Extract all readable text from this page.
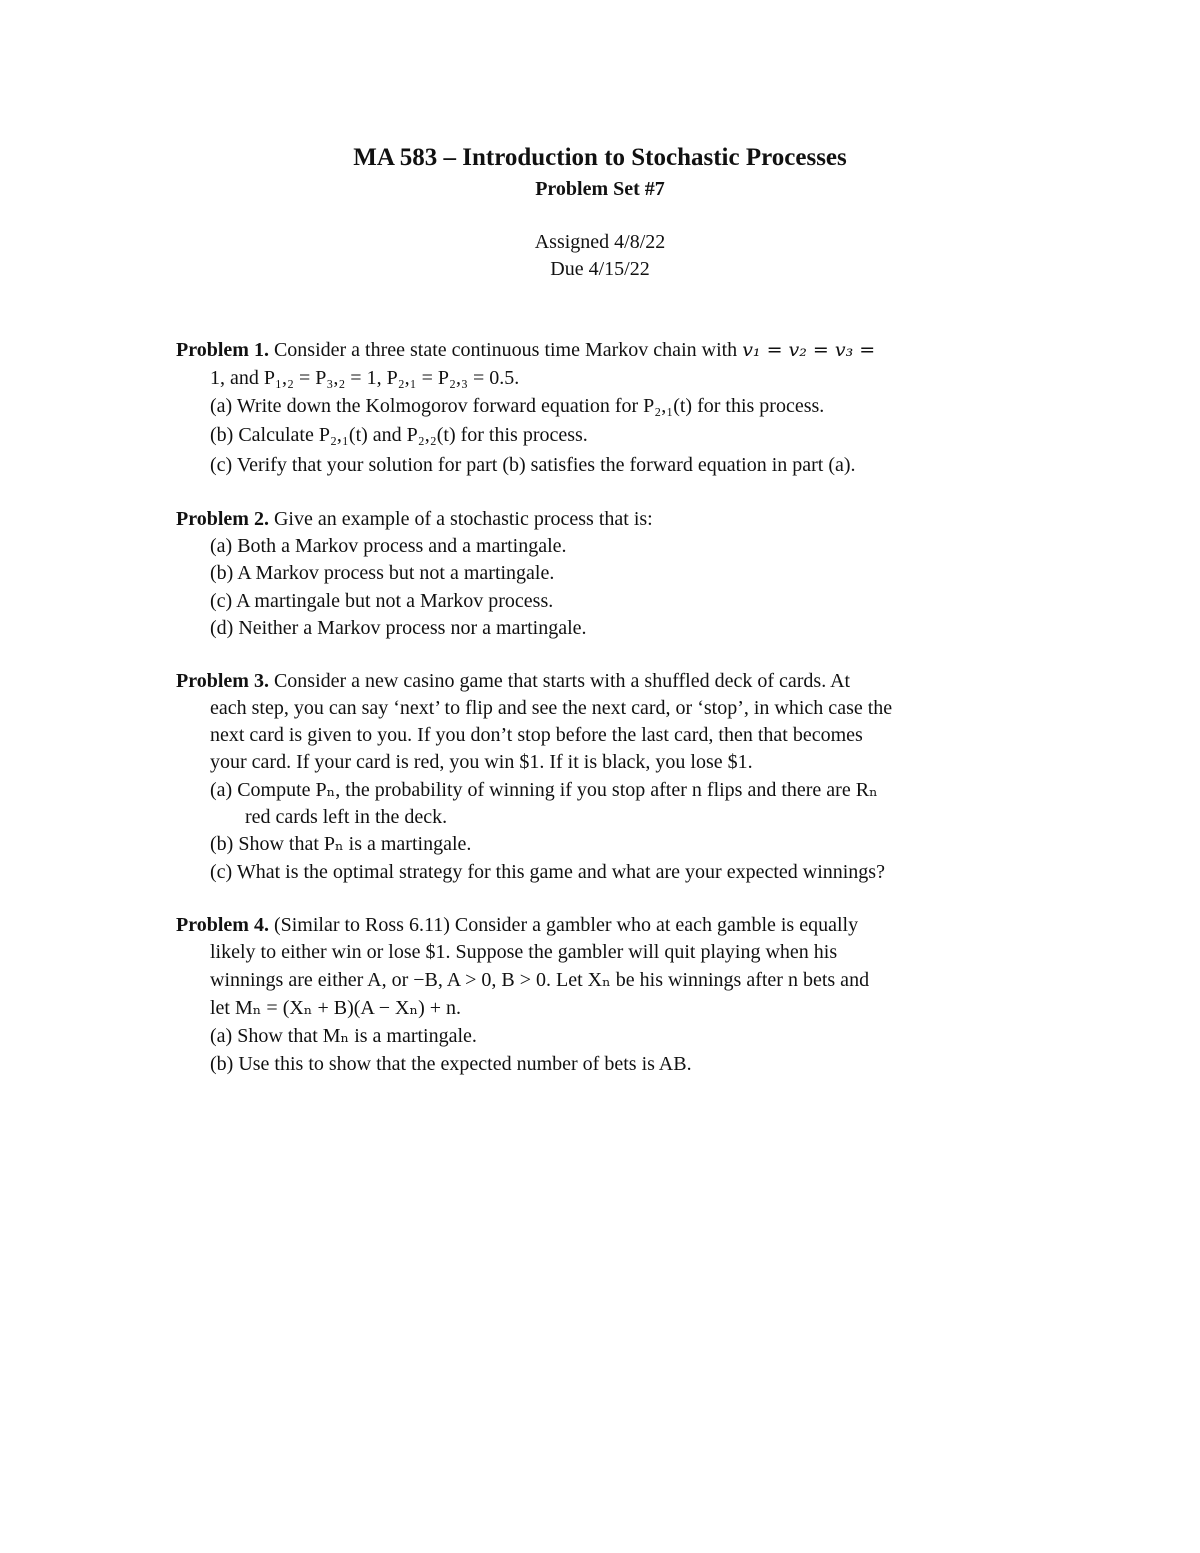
MA 583 – Introduction to Stochastic Processes
Problem Set #7
Assigned 4/8/22
Due 4/15/22
Problem 1. Consider a three state continuous time Markov chain with v₁ = v₂ = v₃ =
1, and P₁,₂ = P₃,₂ = 1, P₂,₁ = P₂,₃ = 0.5.
(a) Write down the Kolmogorov forward equation for P₂,₁(t) for this process.
(b) Calculate P₂,₁(t) and P₂,₂(t) for this process.
(c) Verify that your solution for part (b) satisfies the forward equation in part (a).
Problem 2. Give an example of a stochastic process that is:
(a) Both a Markov process and a martingale.
(b) A Markov process but not a martingale.
(c) A martingale but not a Markov process.
(d) Neither a Markov process nor a martingale.
Problem 3. Consider a new casino game that starts with a shuffled deck of cards. At
each step, you can say ‘next’ to flip and see the next card, or ‘stop’, in which case the
next card is given to you. If you don’t stop before the last card, then that becomes
your card. If your card is red, you win $1. If it is black, you lose $1.
(a) Compute Pₙ, the probability of winning if you stop after n flips and there are Rₙ
red cards left in the deck.
(b) Show that Pₙ is a martingale.
(c) What is the optimal strategy for this game and what are your expected winnings?
Problem 4. (Similar to Ross 6.11) Consider a gambler who at each gamble is equally
likely to either win or lose $1. Suppose the gambler will quit playing when his
winnings are either A, or −B, A > 0, B > 0. Let Xₙ be his winnings after n bets and
let Mₙ = (Xₙ + B)(A − Xₙ) + n.
(a) Show that Mₙ is a martingale.
(b) Use this to show that the expected number of bets is AB.
